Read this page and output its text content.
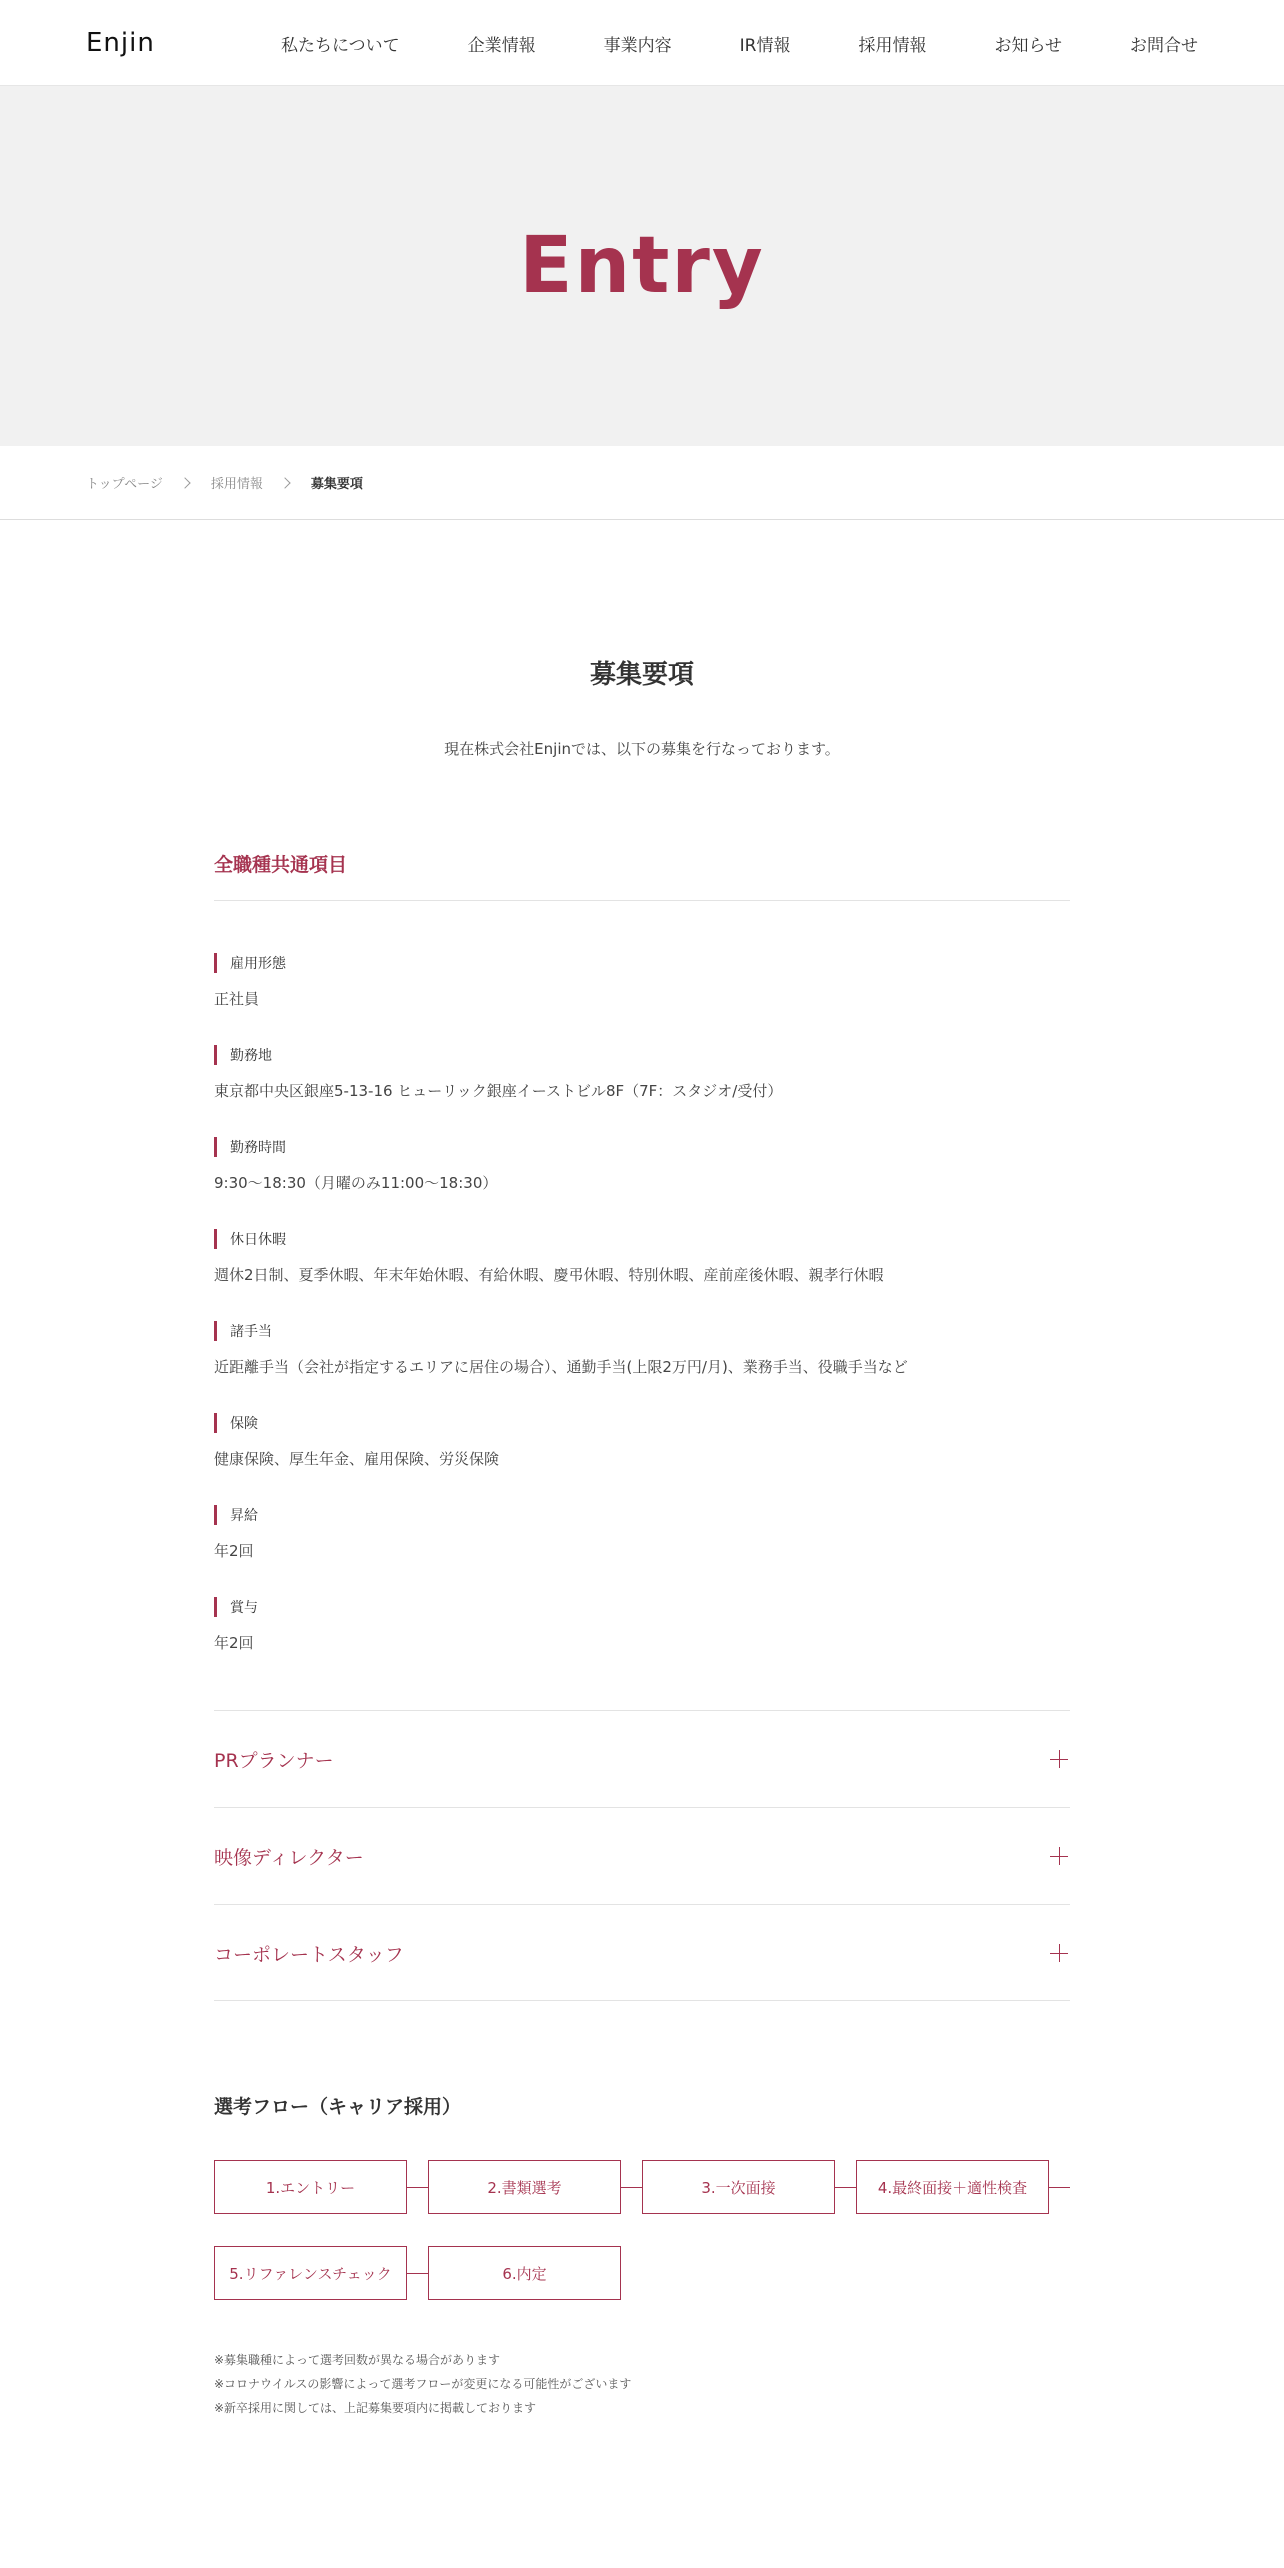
Enjin	私たちについて	企業情報	事業内容	IR情報	採用情報	お知らせ	お問合せ
Entry
トップページ	採用情報	募集要項
募集要項

現在株式会社Enjinでは、以下の募集を行なっております。

全職種共通項目
雇用形態
正社員
勤務地
東京都中央区銀座5-13-16 ヒューリック銀座イーストビル8F（7F：スタジオ/受付）
勤務時間
9:30〜18:30（月曜のみ11:00〜18:30）
休日休暇
週休2日制、夏季休暇、年末年始休暇、有給休暇、慶弔休暇、特別休暇、産前産後休暇、親孝行休暇
諸手当
近距離手当（会社が指定するエリアに居住の場合）、通勤手当(上限2万円/月)、業務手当、役職手当など
保険
健康保険、厚生年金、雇用保険、労災保険
昇給
年2回
賞与
年2回
PRプランナー
映像ディレクター
コーポレートスタッフ
選考フロー（キャリア採用）
1.エントリー	2.書類選考	3.一次面接	4.最終面接＋適性検査
5.リファレンスチェック	6.内定
※募集職種によって選考回数が異なる場合があります
※コロナウイルスの影響によって選考フローが変更になる可能性がございます
※新卒採用に関しては、上記募集要項内に掲載しております
